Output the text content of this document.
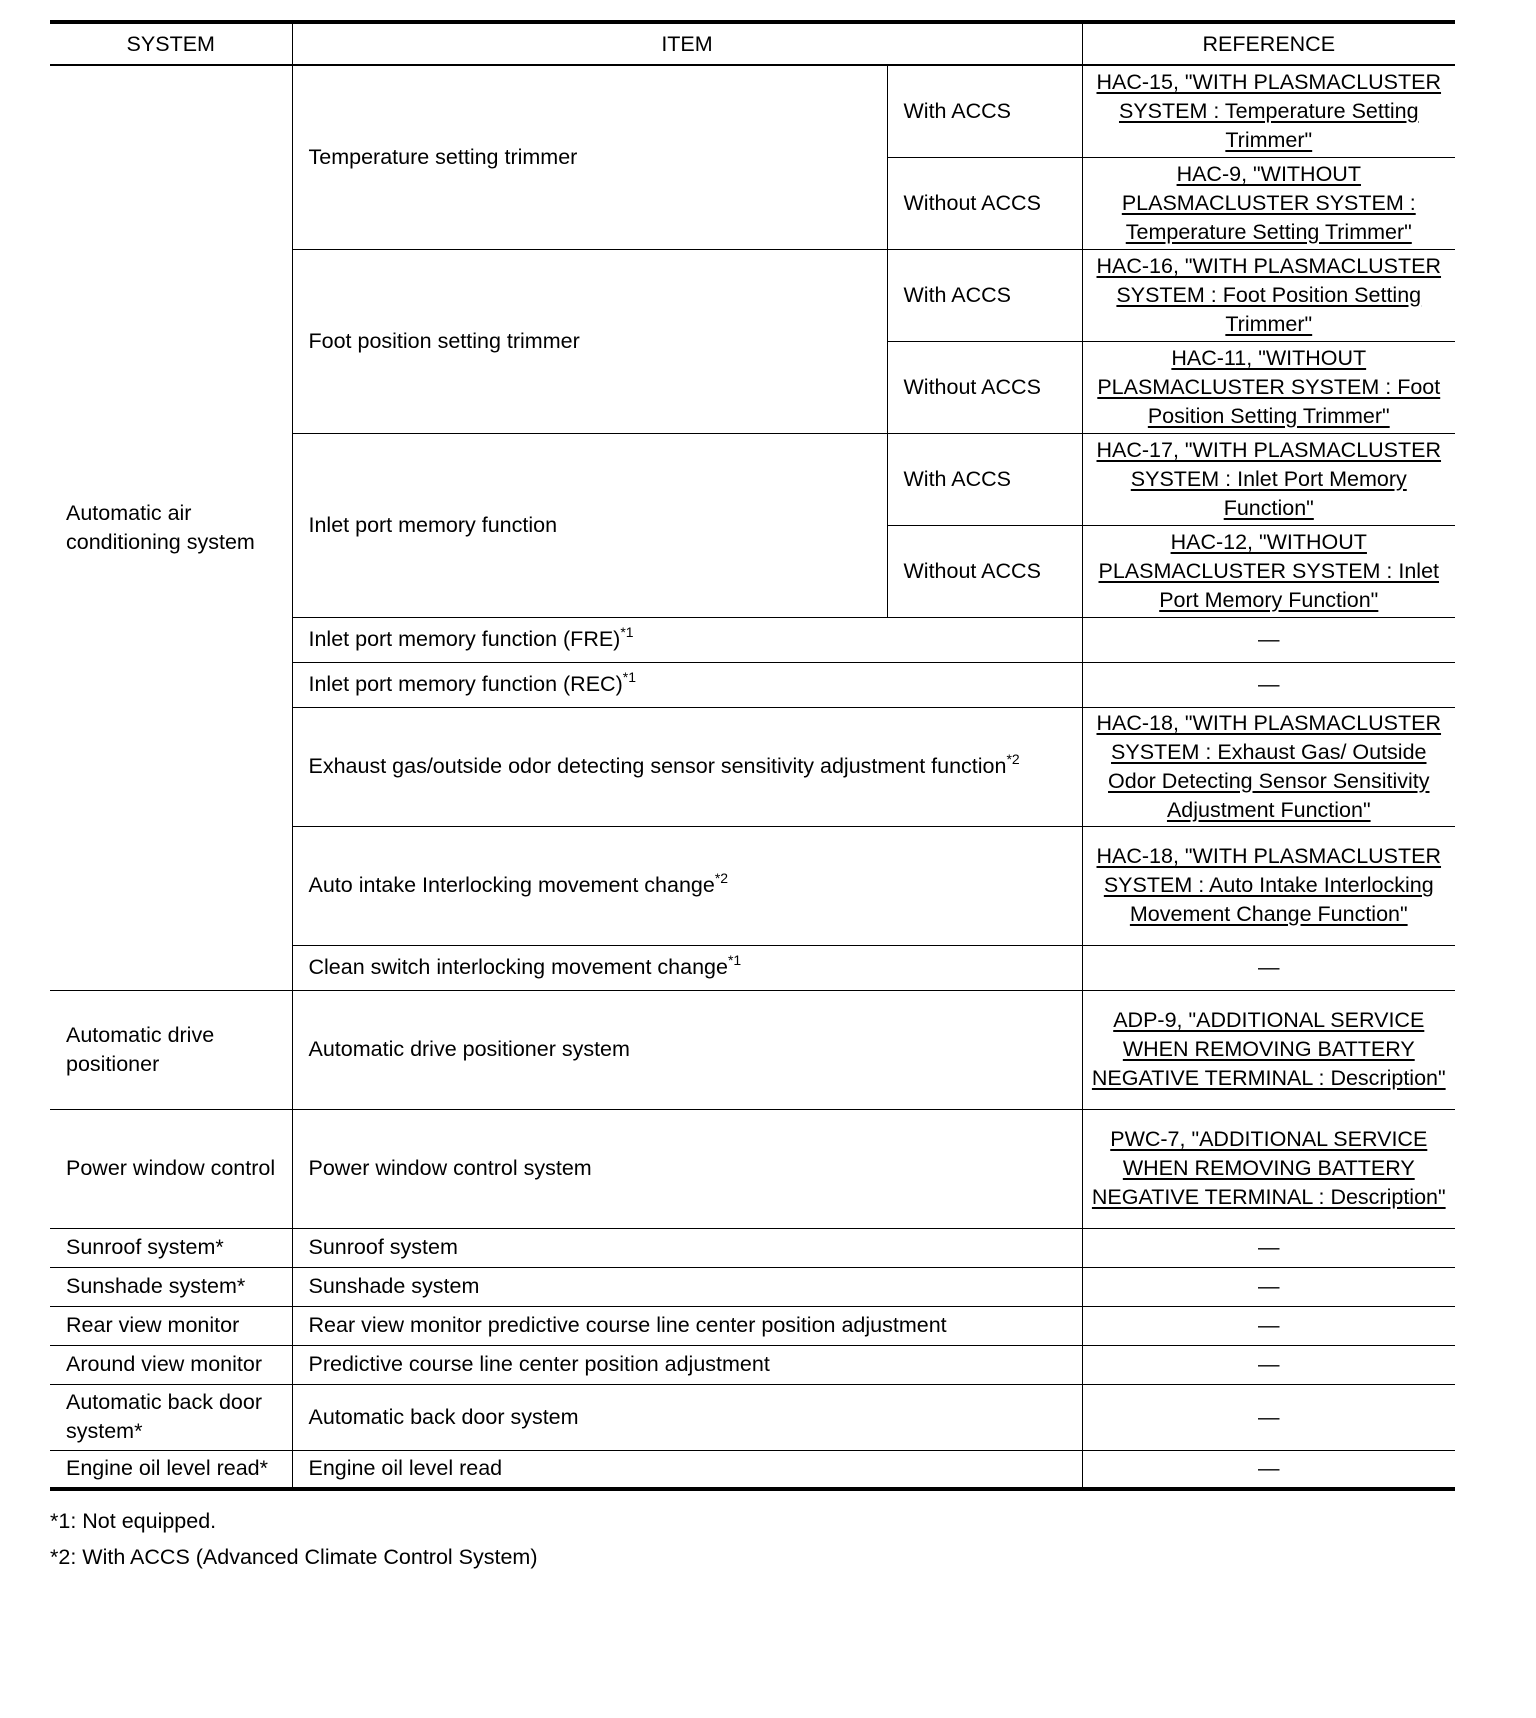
SYSTEM	ITEM		REFERENCE
Automatic air conditioning system	Temperature setting trimmer	With ACCS	HAC-15, "WITH PLASMACLUSTER SYSTEM : Temperature Setting Trimmer"
		Without ACCS	HAC-9, "WITHOUT PLASMACLUSTER SYSTEM : Temperature Setting Trimmer"
	Foot position setting trimmer	With ACCS	HAC-16, "WITH PLASMACLUSTER SYSTEM : Foot Position Setting Trimmer"
		Without ACCS	HAC-11, "WITHOUT PLASMACLUSTER SYSTEM : Foot Position Setting Trimmer"
	Inlet port memory function	With ACCS	HAC-17, "WITH PLASMACLUSTER SYSTEM : Inlet Port Memory Function"
		Without ACCS	HAC-12, "WITHOUT PLASMACLUSTER SYSTEM : Inlet Port Memory Function"
	Inlet port memory function (FRE)$^{*1}$		—
	Inlet port memory function (REC)$^{*1}$		—
	Exhaust gas/outside odor detecting sensor sensitivity adjustment function$^{*2}$		HAC-18, "WITH PLASMACLUSTER SYSTEM : Exhaust Gas/ Outside Odor Detecting Sensor Sensitivity Adjustment Function"
	Auto intake Interlocking movement change$^{*2}$		HAC-18, "WITH PLASMACLUSTER SYSTEM : Auto Intake Interlocking Movement Change Function"
	Clean switch interlocking movement change$^{*1}$		—
Automatic drive positioner	Automatic drive positioner system		ADP-9, "ADDITIONAL SERVICE WHEN REMOVING BATTERY NEGATIVE TERMINAL : Description"
Power window control	Power window control system		PWC-7, "ADDITIONAL SERVICE WHEN REMOVING BATTERY NEGATIVE TERMINAL : Description"
Sunroof system*	Sunroof system		—
Sunshade system*	Sunshade system		—
Rear view monitor	Rear view monitor predictive course line center position adjustment		—
Around view monitor	Predictive course line center position adjustment		—
Automatic back door system*	Automatic back door system		—
Engine oil level read*	Engine oil level read		—
*1: Not equipped.
*2: With ACCS (Advanced Climate Control System)
